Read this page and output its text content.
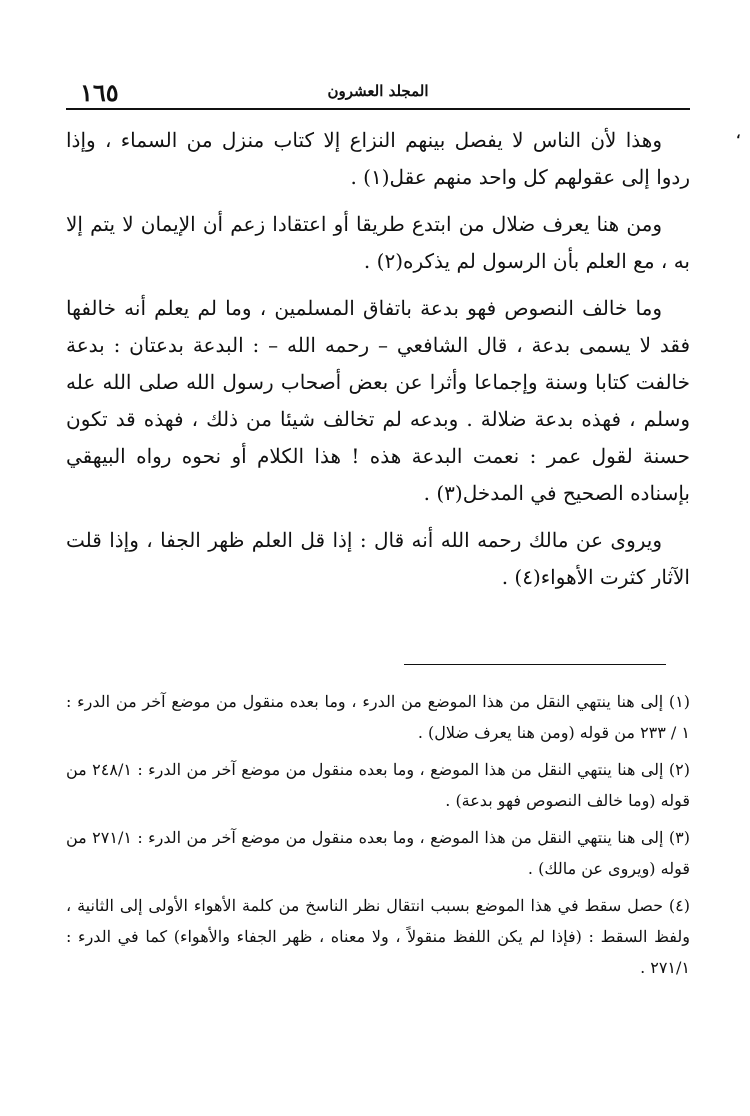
١٦٥	المجلد العشرون
،

وهذا لأن الناس لا يفصل بينهم النزاع إلا كتاب منزل من السماء ، وإذا ردوا إلى عقولهم كل واحد منهم عقل(١) .

ومن هنا يعرف ضلال من ابتدع طريقا أو اعتقادا زعم أن الإيمان لا يتم إلا به ، مع العلم بأن الرسول لم يذكره(٢) .

وما خالف النصوص فهو بدعة باتفاق المسلمين ، وما لم يعلم أنه خالفها فقد لا يسمى بدعة ، قال الشافعي – رحمه الله – : البدعة بدعتان : بدعة خالفت كتابا وسنة وإجماعا وأثرا عن بعض أصحاب رسول الله صلى الله عله وسلم ، فهذه بدعة ضلالة . وبدعه لم تخالف شيئا من ذلك ، فهذه قد تكون حسنة لقول عمر : نعمت البدعة هذه ! هذا الكلام أو نحوه رواه البيهقي بإسناده الصحيح في المدخل(٣) .

ويروى عن مالك رحمه الله أنه قال : إذا قل العلم ظهر الجفا ، وإذا قلت الآثار كثرت الأهواء(٤) .

(١) إلى هنا ينتهي النقل من هذا الموضع من الدرء ، وما بعده منقول من موضع آخر من الدرء : ١ / ٢٣٣ من قوله (ومن هنا يعرف ضلال) .

(٢) إلى هنا ينتهي النقل من هذا الموضع ، وما بعده منقول من موضع آخر من الدرء : ٢٤٨/١ من قوله (وما خالف النصوص فهو بدعة) .

(٣) إلى هنا ينتهي النقل من هذا الموضع ، وما بعده منقول من موضع آخر من الدرء : ٢٧١/١ من قوله (ويروى عن مالك) .

(٤) حصل سقط في هذا الموضع بسبب انتقال نظر الناسخ من كلمة الأهواء الأولى إلى الثانية ، ولفظ السقط : (فإذا لم يكن اللفظ منقولاً ، ولا معناه ، ظهر الجفاء والأهواء) كما في الدرء : ٢٧١/١ .
